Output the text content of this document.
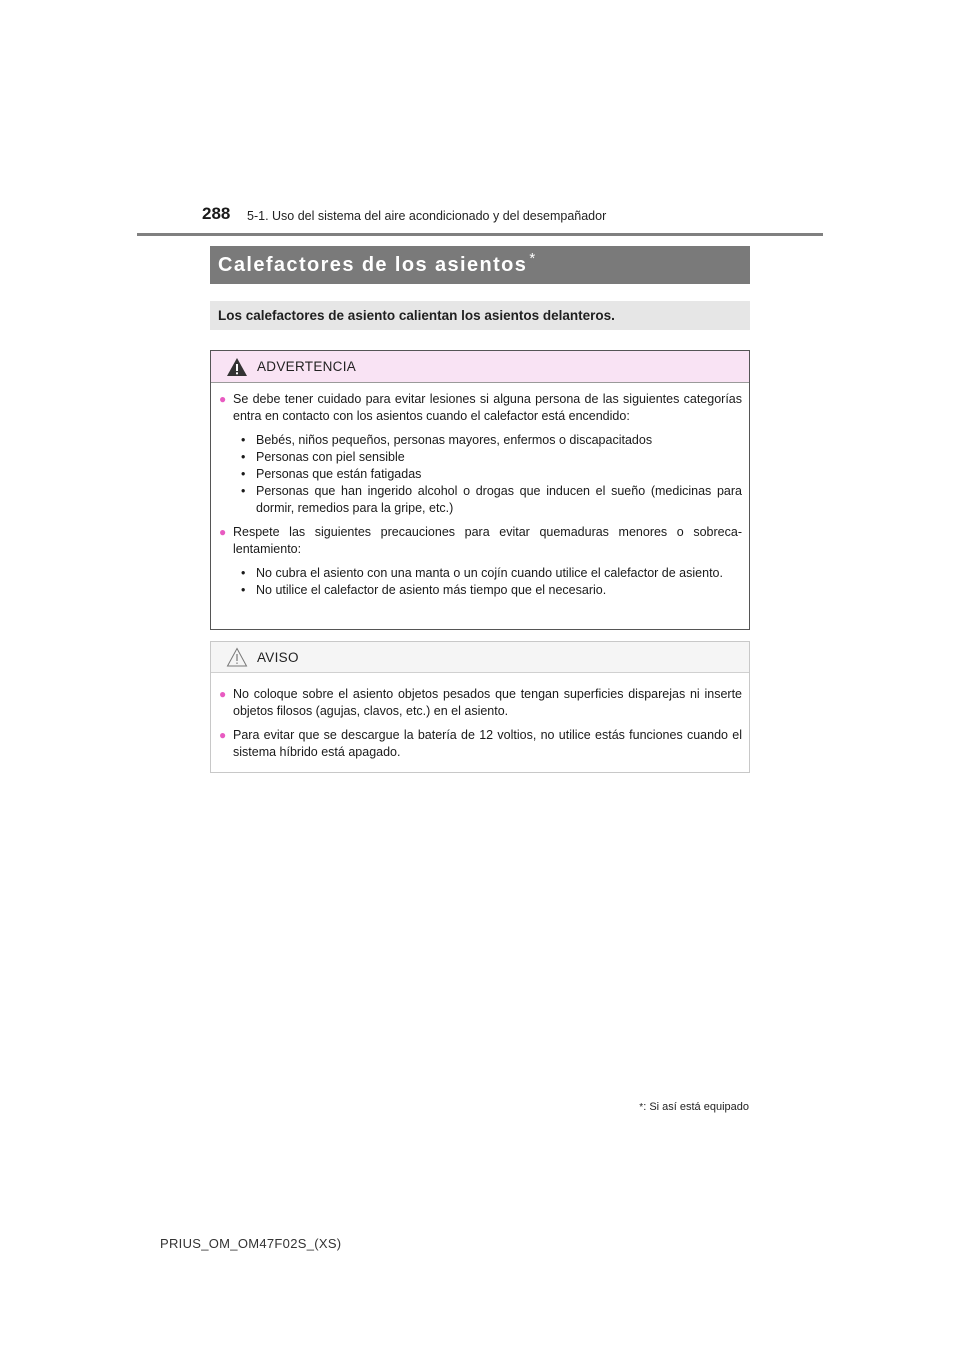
288 5-1. Uso del sistema del aire acondicionado y del desempañador
Calefactores de los asientos *
Los calefactores de asiento calientan los asientos delanteros.
ADVERTENCIA
● Se debe tener cuidado para evitar lesiones si alguna persona de las siguientes categorías entra en contacto con los asientos cuando el calefactor está encendido:
• Bebés, niños pequeños, personas mayores, enfermos o discapacitados
• Personas con piel sensible
• Personas que están fatigadas
• Personas que han ingerido alcohol o drogas que inducen el sueño (medicinas para dormir, remedios para la gripe, etc.)
● Respete las siguientes precauciones para evitar quemaduras menores o sobreca-lentamiento:
• No cubra el asiento con una manta o un cojín cuando utilice el calefactor de asiento.
• No utilice el calefactor de asiento más tiempo que el necesario.
AVISO
● No coloque sobre el asiento objetos pesados que tengan superficies disparejas ni inserte objetos filosos (agujas, clavos, etc.) en el asiento.
● Para evitar que se descargue la batería de 12 voltios, no utilice estás funciones cuando el sistema híbrido está apagado.
*: Si así está equipado
PRIUS_OM_OM47F02S_(XS)
